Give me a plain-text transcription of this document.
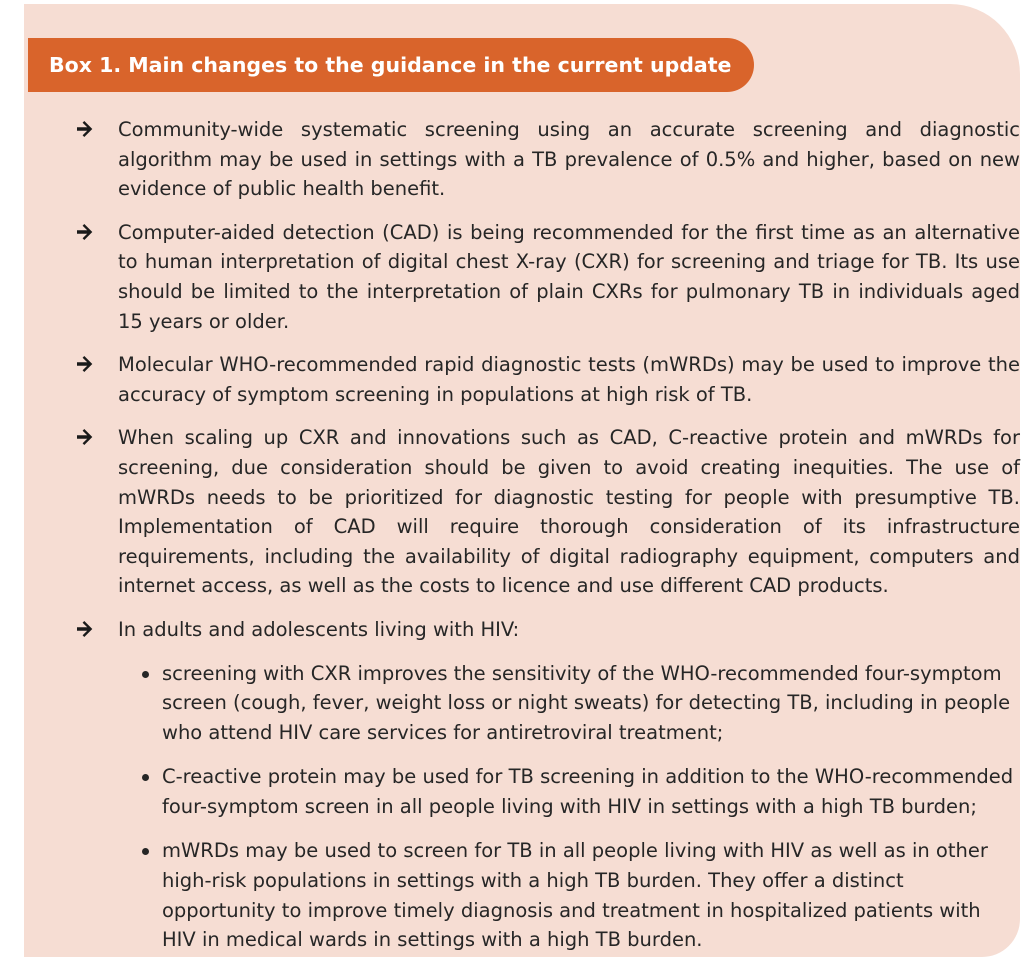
Box 1. Main changes to the guidance in the current update
Community-wide systematic screening using an accurate screening and diagnostic algorithm may be used in settings with a TB prevalence of 0.5% and higher, based on new evidence of public health benefit.
Computer-aided detection (CAD) is being recommended for the first time as an alternative to human interpretation of digital chest X-ray (CXR) for screening and triage for TB. Its use should be limited to the interpretation of plain CXRs for pulmonary TB in individuals aged 15 years or older.
Molecular WHO-recommended rapid diagnostic tests (mWRDs) may be used to improve the accuracy of symptom screening in populations at high risk of TB.
When scaling up CXR and innovations such as CAD, C-reactive protein and mWRDs for screening, due consideration should be given to avoid creating inequities. The use of mWRDs needs to be prioritized for diagnostic testing for people with presumptive TB. Implementation of CAD will require thorough consideration of its infrastructure requirements, including the availability of digital radiography equipment, computers and internet access, as well as the costs to licence and use different CAD products.
In adults and adolescents living with HIV:
screening with CXR improves the sensitivity of the WHO-recommended four-symptom screen (cough, fever, weight loss or night sweats) for detecting TB, including in people who attend HIV care services for antiretroviral treatment;
C-reactive protein may be used for TB screening in addition to the WHO-recommended four-symptom screen in all people living with HIV in settings with a high TB burden;
mWRDs may be used to screen for TB in all people living with HIV as well as in other high-risk populations in settings with a high TB burden. They offer a distinct opportunity to improve timely diagnosis and treatment in hospitalized patients with HIV in medical wards in settings with a high TB burden.
